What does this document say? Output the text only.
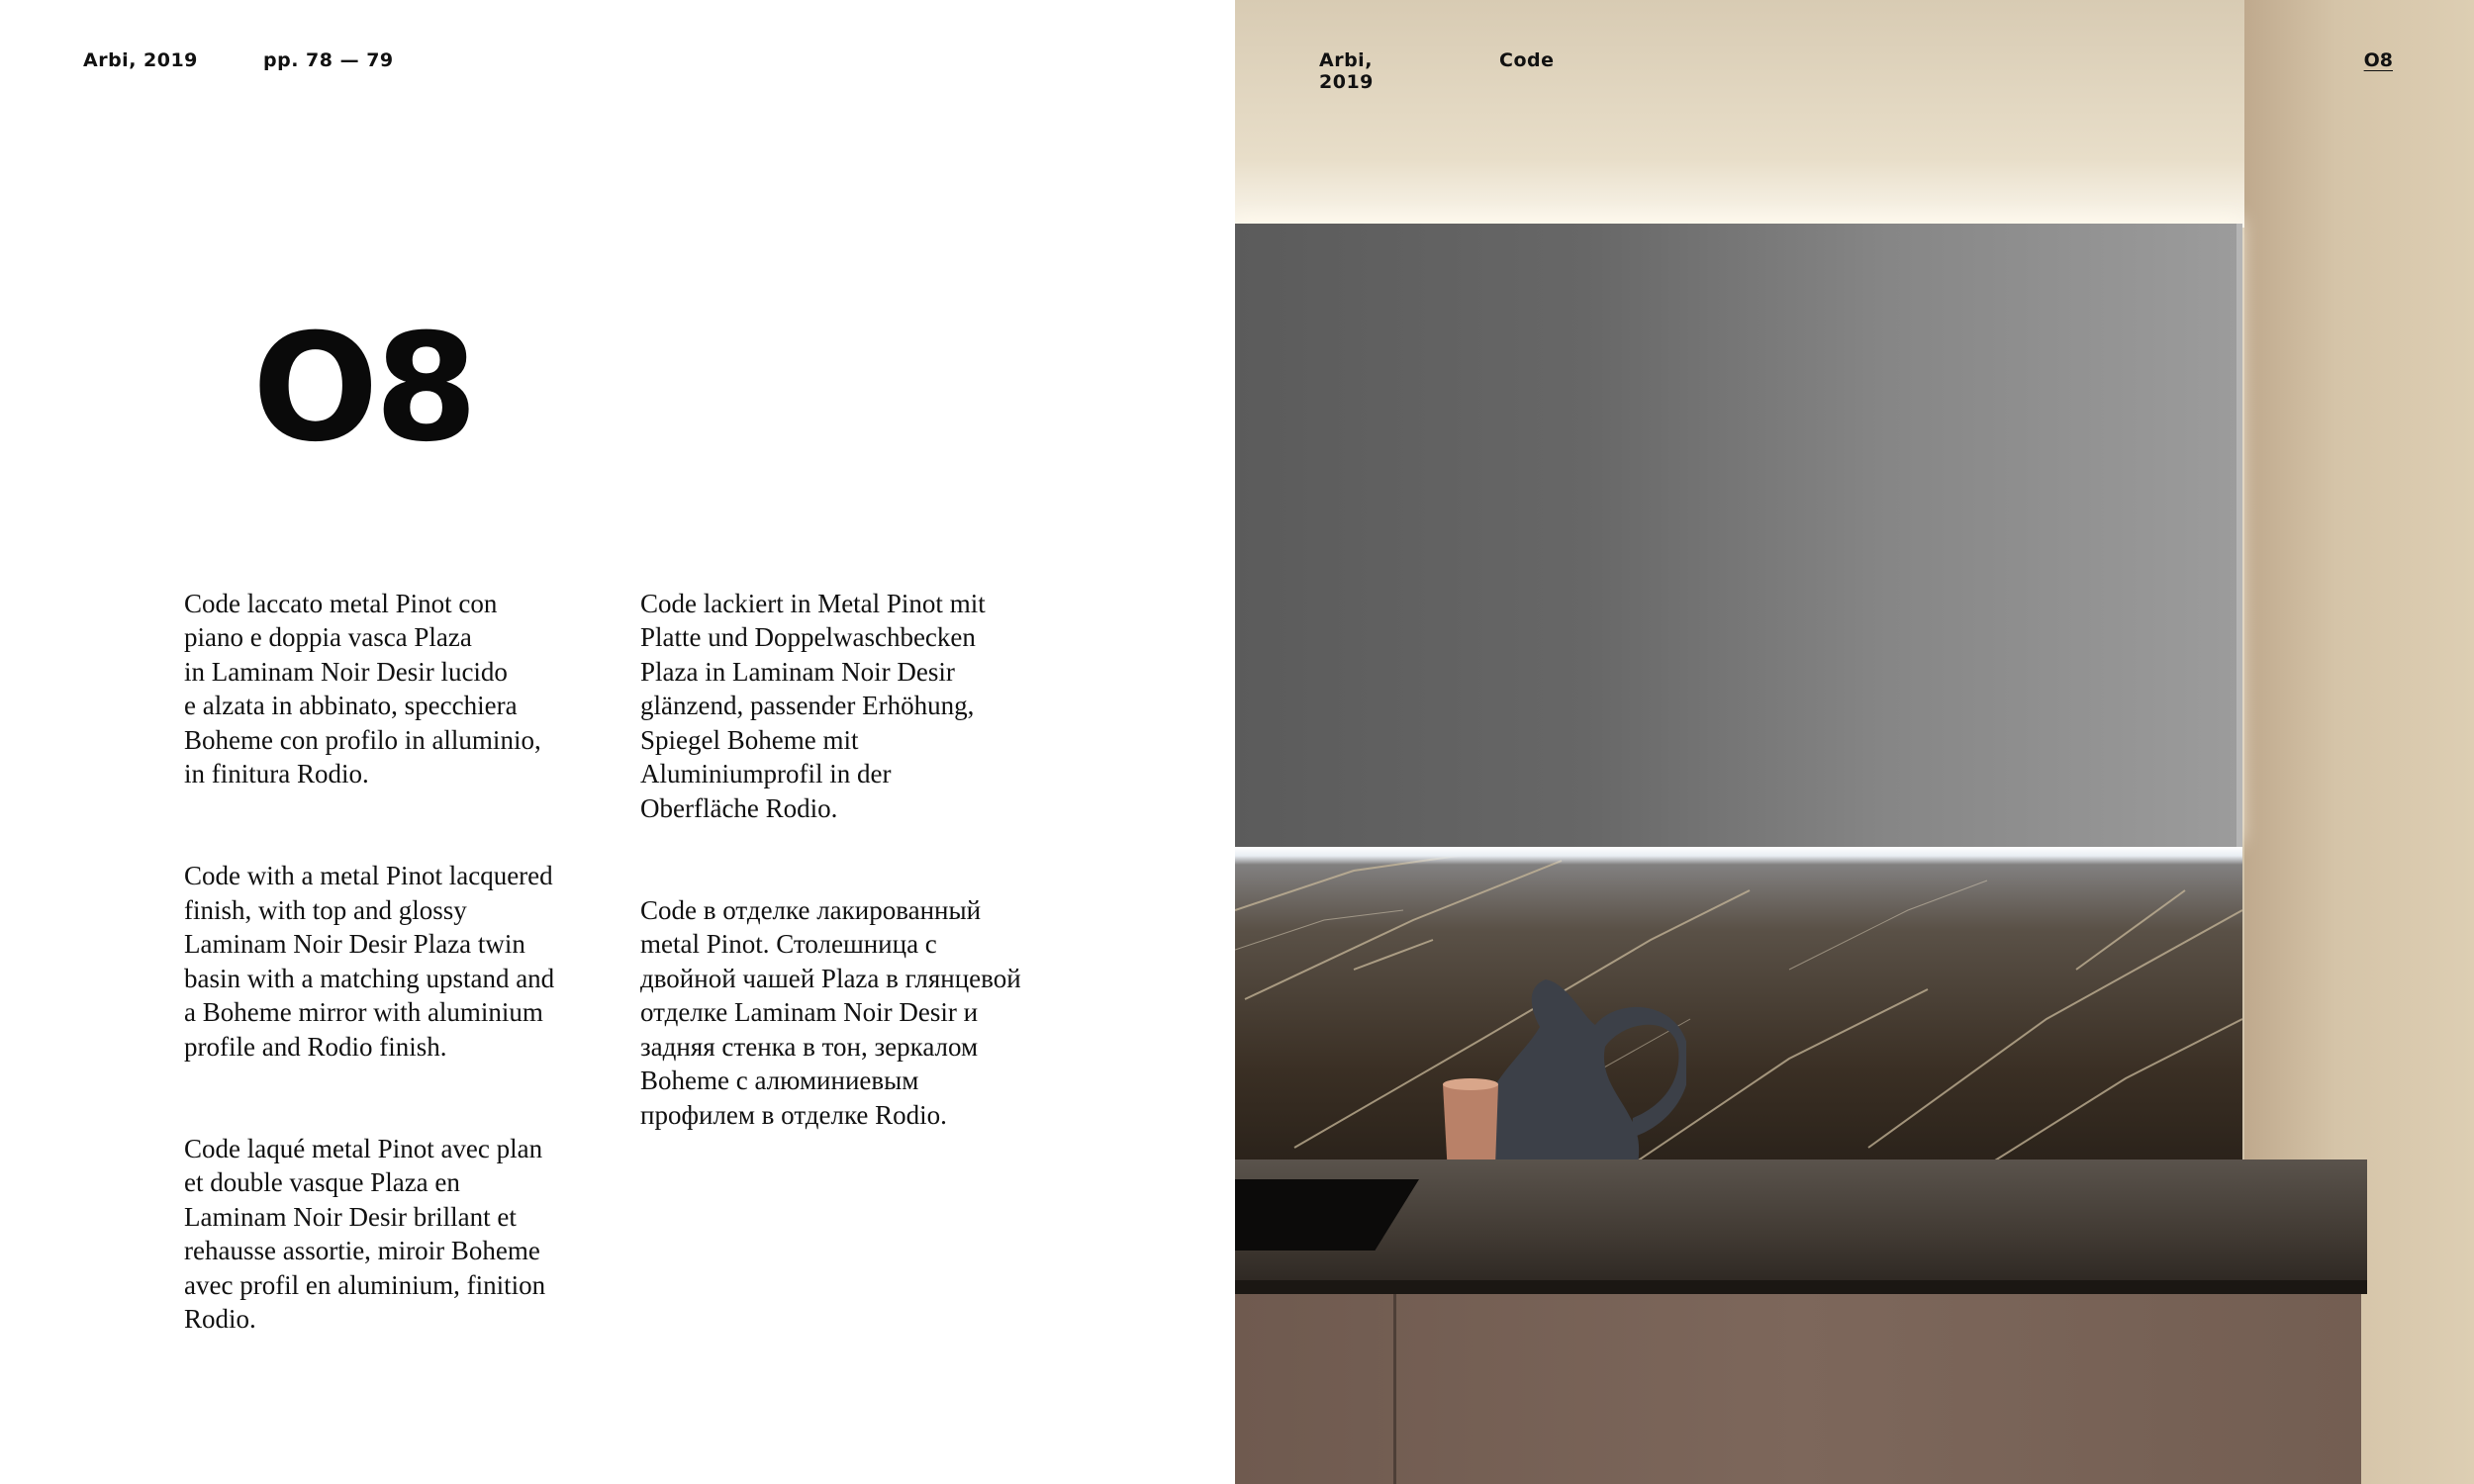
Arbi, 2019	pp. 78 — 79
O8

Code laccato metal Pinot con
piano e doppia vasca Plaza
in Laminam Noir Desir lucido
e alzata in abbinato, specchiera
Boheme con profilo in alluminio,
in finitura Rodio.

Code with a metal Pinot lacquered
finish, with top and glossy
Laminam Noir Desir Plaza twin
basin with a matching upstand and
a Boheme mirror with aluminium
profile and Rodio finish.

Code laqué metal Pinot avec plan
et double vasque Plaza en
Laminam Noir Desir brillant et
rehausse assortie, miroir Boheme
avec profil en aluminium, finition
Rodio.

Code lackiert in Metal Pinot mit
Platte und Doppelwaschbecken
Plaza in Laminam Noir Desir
glänzend, passender Erhöhung,
Spiegel Boheme mit
Aluminiumprofil in der
Oberfläche Rodio.

Code в отделке лакированный
metal Pinot. Столешница с
двойной чашей Plaza в глянцевой
отделке Laminam Noir Desir и
задняя стенка в тон, зеркалом
Boheme с алюминиевым
профилем в отделке Rodio.

Arbi, 2019
Code	O8
